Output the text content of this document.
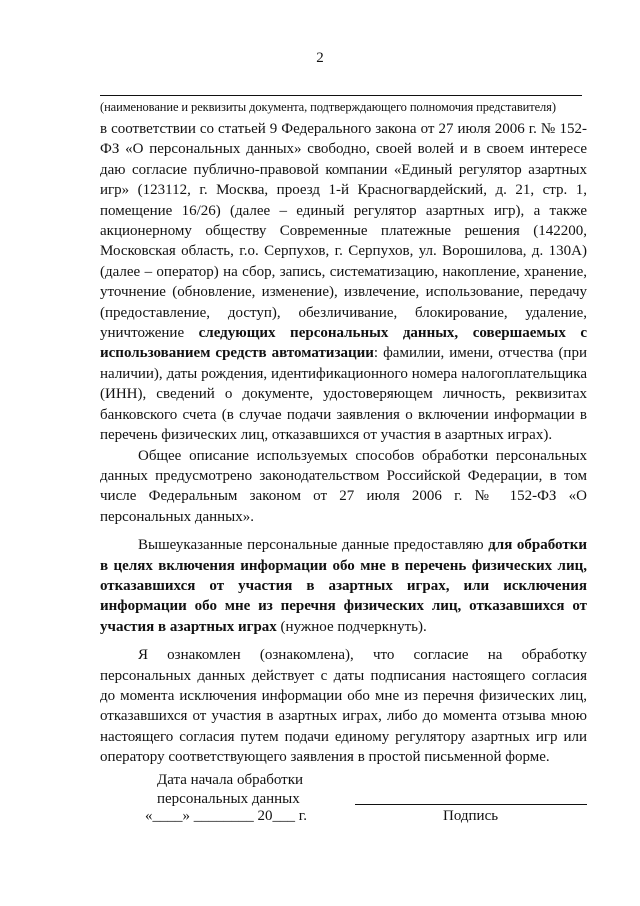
2
(наименование и реквизиты документа, подтверждающего полномочия представителя)

в соответствии со статьей 9 Федерального закона от 27 июля 2006 г. № 152-ФЗ «О персональных данных» свободно, своей волей и в своем интересе даю согласие публично-правовой компании «Единый регулятор азартных игр» (123112, г. Москва, проезд 1-й Красногвардейский, д. 21, стр. 1, помещение 16/26) (далее – единый регулятор азартных игр), а также акционерному обществу Современные платежные решения (142200, Московская область, г.о. Серпухов, г. Серпухов, ул. Ворошилова, д. 130А) (далее – оператор) на сбор, запись, систематизацию, накопление, хранение, уточнение (обновление, изменение), извлечение, использование, передачу (предоставление, доступ), обезличивание, блокирование, удаление, уничтожение следующих персональных данных, совершаемых с использованием средств автоматизации: фамилии, имени, отчества (при наличии), даты рождения, идентификационного номера налогоплательщика (ИНН), сведений о документе, удостоверяющем личность, реквизитах банковского счета (в случае подачи заявления о включении информации в перечень физических лиц, отказавшихся от участия в азартных играх).

Общее описание используемых способов обработки персональных данных предусмотрено законодательством Российской Федерации, в том числе Федеральным законом от 27 июля 2006 г. № 152-ФЗ «О персональных данных».

Вышеуказанные персональные данные предоставляю для обработки в целях включения информации обо мне в перечень физических лиц, отказавшихся от участия в азартных играх, или исключения информации обо мне из перечня физических лиц, отказавшихся от участия в азартных играх (нужное подчеркнуть).

Я ознакомлен (ознакомлена), что согласие на обработку персональных данных действует с даты подписания настоящего согласия до момента исключения информации обо мне из перечня физических лиц, отказавшихся от участия в азартных играх, либо до момента отзыва мною настоящего согласия путем подачи единому регулятору азартных игр или оператору соответствующего заявления в простой письменной форме.

Дата начала обработки
персональных данных
«____» ________ 20___ г.	Подпись
